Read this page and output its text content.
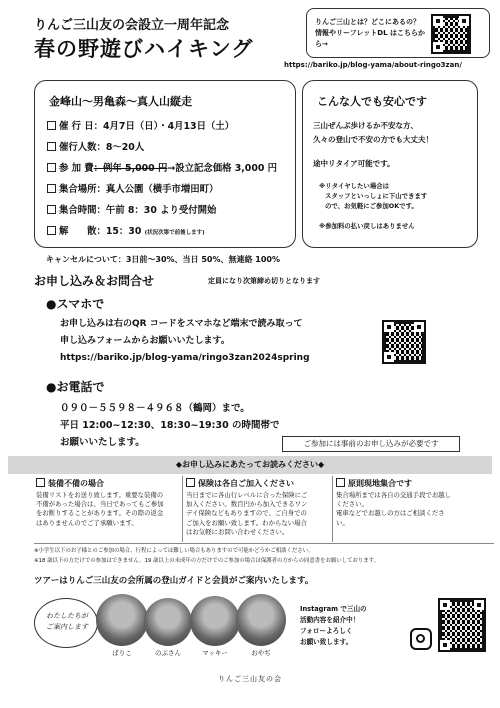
りんご三山友の会設立一周年記念
春の野遊びハイキング
りんご三山とは？どこにあるの？ 情報やリーフレットDL はこちらから→
https://bariko.jp/blog-yama/about-ringo3zan/
金峰山〜男亀森〜真人山縦走
催 行 日：4月7日（日）・4月13日（土）
催行人数：8〜20人
参 加 費：例年 5,000 円→設立記念価格 3,000 円
集合場所：真人公園（横手市増田町）
集合時間：午前 8：30 より受付開始
解　　散：15：30 (状況次第で前後します)
こんな人でも安心です
三山ぜんぶ歩けるか不安な方、
久々の登山で不安の方でも大丈夫！
途中リタイア可能です。
※リタイヤしたい場合は
スタッフといっしょに下山できます
ので、お気軽にご参加OKです。
※参加料の払い戻しはありません
キャンセルについて：3日前〜30%、当日 50%、無連絡 100%
お申し込み＆お問合せ	定員になり次第締め切りとなります
●スマホで
お申し込みは右のQR コードをスマホなど端末で読み取って
申し込みフォームからお願いいたします。
https://bariko.jp/blog-yama/ringo3zan2024spring
●お電話で
０９０－５５９８－４９６８（鶴岡）まで。
平日 12:00~12:30、18:30~19:30 の時間帯で
お願いいたします。	ご参加には事前のお申し込みが必要です
◆お申し込みにあたってお読みください◆
装備不備の場合
装備リストをお送り致します。重要な装備の
不備があった場合は、当日であってもご参加
をお断りすることがあります。その際の返金
はありませんのでご了承願います。
保険は各自ご加入ください
当日までに各山行レベルに合った保険にご
加入ください。数百円から加入できるワン
デイ保険などもありますので、ご自身での
ご加入をお願い致します。わからない場合
はお気軽にお問い合わせください。
原則現地集合です
集合場所までは各自の交通手段でお越し
ください。
電車などでお越しの方はご相談くださ
い。
※小学生以下のお子様とのご参加の場合、行程によっては難しい場合もありますので可能かどうかご相談ください。
※18 歳以下の方だけでの参加はできません。19 歳以上の未成年の方だけでのご参加の場合は保護者の方からの同意書をお願いしております。
ツアーはりんご三山友の会所属の登山ガイドと会員がご案内いたします。
わたしたちがご案内します
ぱりこ	のぶさん	マッキー	おやぢ
Instagram で三山の
活動内容を紹介中！
フォローよろしく
お願い致します。
りんご三山友の会
